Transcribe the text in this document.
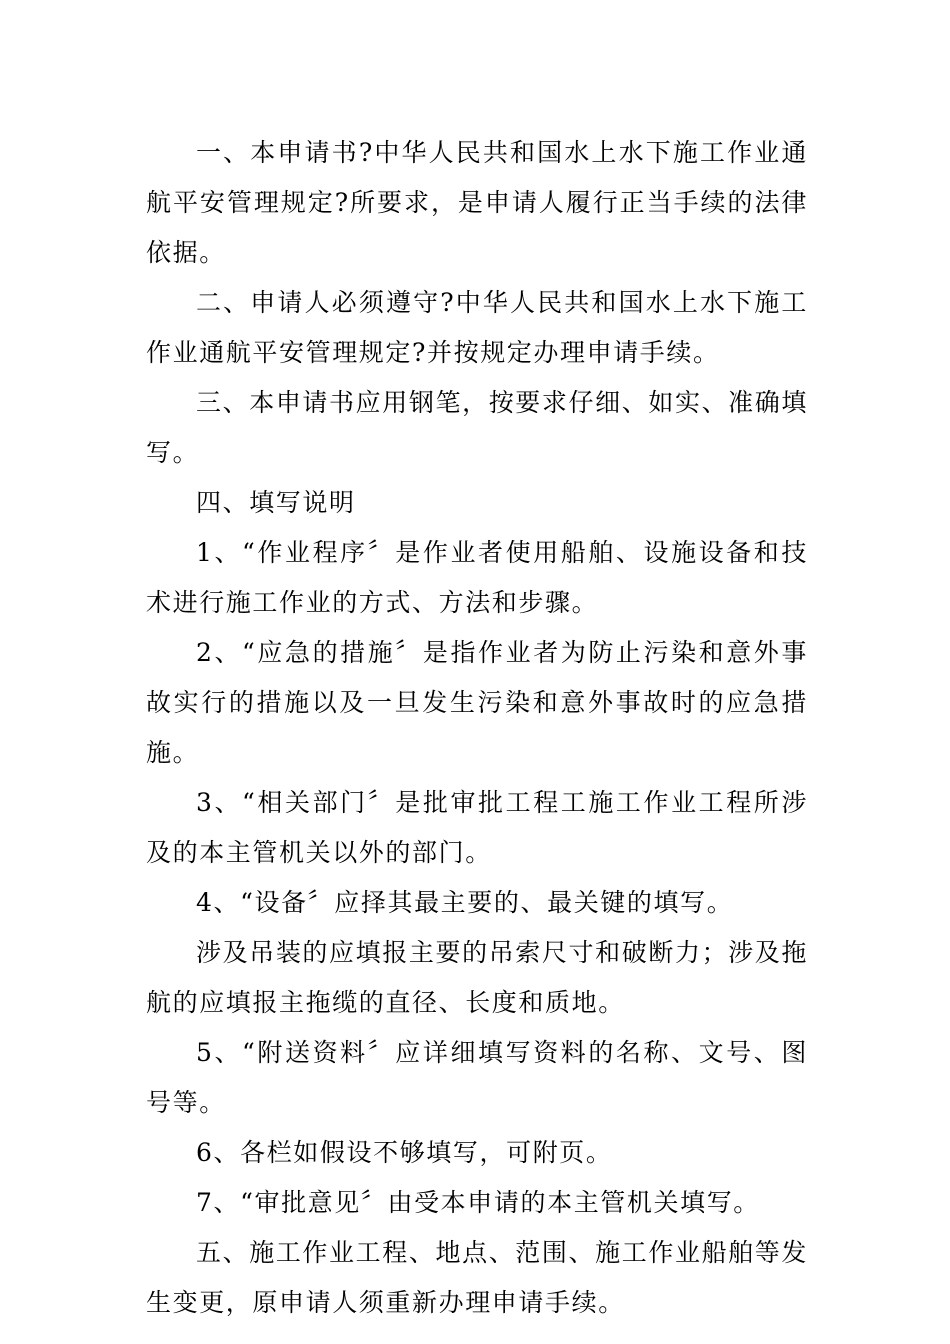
一、本申请书?中华人民共和国水上水下施工作业通航平安管理规定?所要求，是申请人履行正当手续的法律依据。

二、申请人必须遵守?中华人民共和国水上水下施工作业通航平安管理规定?并按规定办理申请手续。

三、本申请书应用钢笔，按要求仔细、如实、准确填写。

四、填写说明

1、“作业程序〞是作业者使用船舶、设施设备和技术进行施工作业的方式、方法和步骤。

2、“应急的措施〞是指作业者为防止污染和意外事故实行的措施以及一旦发生污染和意外事故时的应急措施。

3、“相关部门〞是批审批工程工施工作业工程所涉及的本主管机关以外的部门。

4、“设备〞应择其最主要的、最关键的填写。

涉及吊装的应填报主要的吊索尺寸和破断力；涉及拖航的应填报主拖缆的直径、长度和质地。

5、“附送资料〞应详细填写资料的名称、文号、图号等。

6、各栏如假设不够填写，可附页。

7、“审批意见〞由受本申请的本主管机关填写。

五、施工作业工程、地点、范围、施工作业船舶等发生变更，原申请人须重新办理申请手续。
